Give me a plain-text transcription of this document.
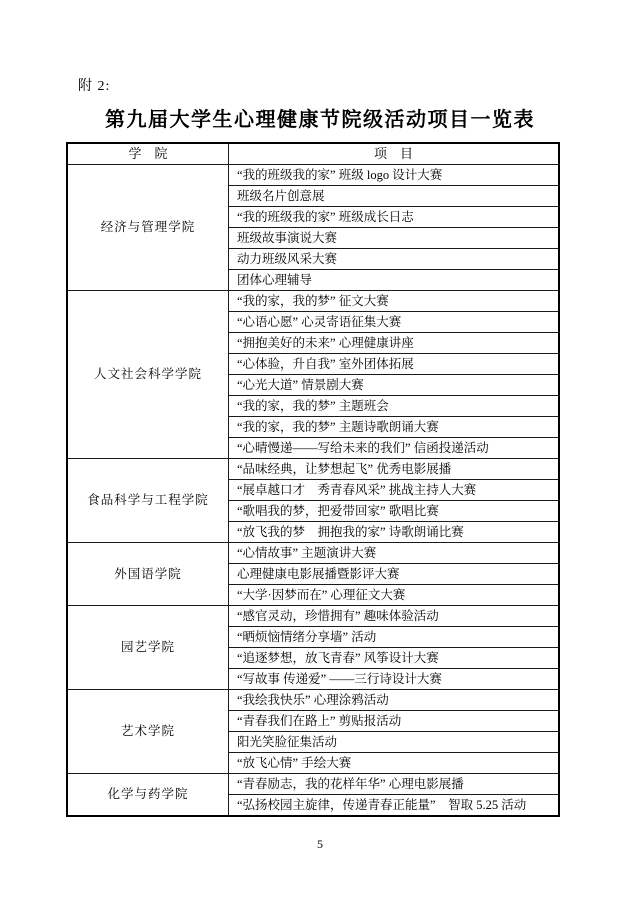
附 2:
第九届大学生心理健康节院级活动项目一览表
学　院	项　目
经济与管理学院	“我的班级我的家” 班级 logo 设计大赛
	班级名片创意展
	“我的班级我的家” 班级成长日志
	班级故事演说大赛
	动力班级风采大赛
	团体心理辅导
人文社会科学学院	“我的家，我的梦” 征文大赛
	“心语心愿” 心灵寄语征集大赛
	“拥抱美好的未来” 心理健康讲座
	“心体验，升自我” 室外团体拓展
	“心光大道” 情景剧大赛
	“我的家，我的梦” 主题班会
	“我的家，我的梦” 主题诗歌朗诵大赛
	“心晴慢递——写给未来的我们” 信函投递活动
食品科学与工程学院	“品味经典，让梦想起飞” 优秀电影展播
	“展卓越口才　秀青春风采” 挑战主持人大赛
	“歌唱我的梦，把爱带回家” 歌唱比赛
	“放飞我的梦　拥抱我的家” 诗歌朗诵比赛
外国语学院	“心情故事” 主题演讲大赛
	心理健康电影展播暨影评大赛
	“大学·因梦而在” 心理征文大赛
园艺学院	“感官灵动，珍惜拥有” 趣味体验活动
	“晒烦恼情绪分享墙” 活动
	“追逐梦想，放飞青春” 风筝设计大赛
	“写故事 传递爱” ——三行诗设计大赛
艺术学院	“我绘我快乐” 心理涂鸦活动
	“青春我们在路上” 剪贴报活动
	阳光笑脸征集活动
	“放飞心情” 手绘大赛
化学与药学院	“青春励志，我的花样年华” 心理电影展播
	“弘扬校园主旋律，传递青春正能量”　智取 5.25 活动
5
